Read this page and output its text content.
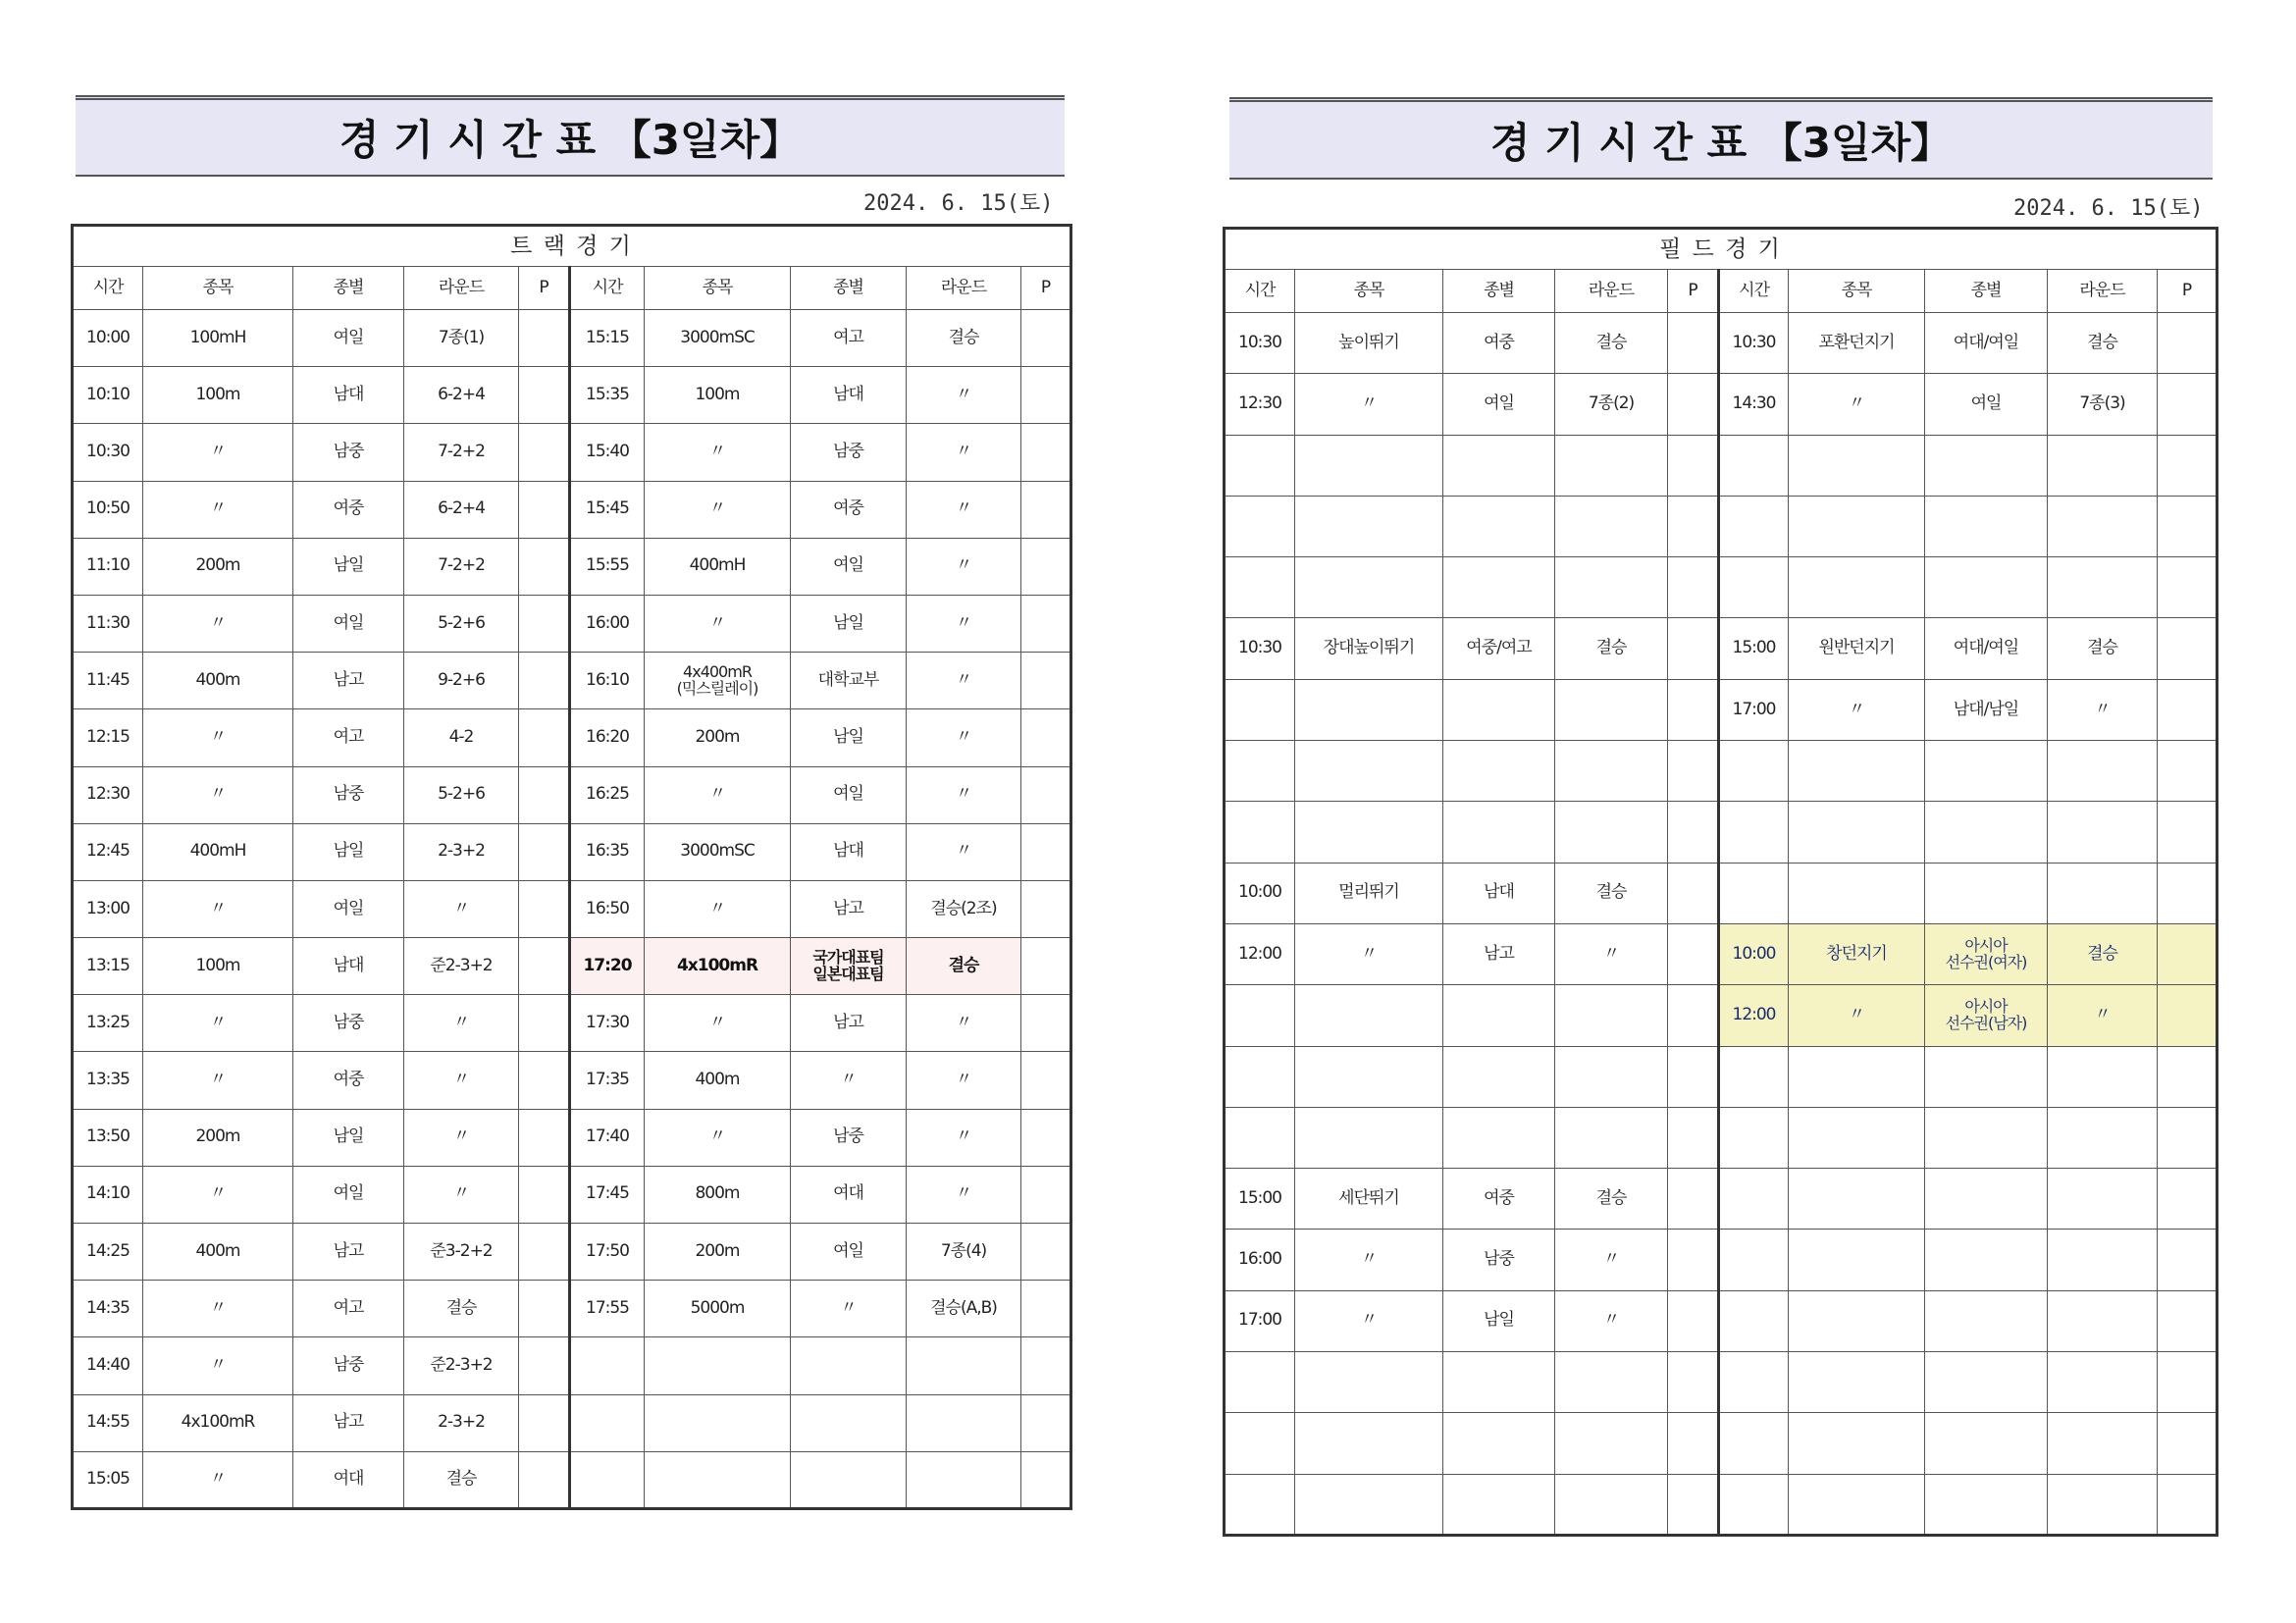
경 기 시 간 표 【3일차】
2024. 6. 15(토)
트 랙 경 기									
시간	종목	종별	라운드	P	시간	종목	종별	라운드	P
10:00	100mH	여일	7종(1)		15:15	3000mSC	여고	결승	
10:10	100m	남대	6-2+4		15:35	100m	남대	〃	
10:30	〃	남중	7-2+2		15:40	〃	남중	〃	
10:50	〃	여중	6-2+4		15:45	〃	여중	〃	
11:10	200m	남일	7-2+2		15:55	400mH	여일	〃	
11:30	〃	여일	5-2+6		16:00	〃	남일	〃	
11:45	400m	남고	9-2+6		16:10	4x400mR
(믹스릴레이)	대학교부	〃	
12:15	〃	여고	4-2		16:20	200m	남일	〃	
12:30	〃	남중	5-2+6		16:25	〃	여일	〃	
12:45	400mH	남일	2-3+2		16:35	3000mSC	남대	〃	
13:00	〃	여일	〃		16:50	〃	남고	결승(2조)	
13:15	100m	남대	준2-3+2		17:20	4x100mR	국가대표팀
일본대표팀	결승	
13:25	〃	남중	〃		17:30	〃	남고	〃	
13:35	〃	여중	〃		17:35	400m	〃	〃	
13:50	200m	남일	〃		17:40	〃	남중	〃	
14:10	〃	여일	〃		17:45	800m	여대	〃	
14:25	400m	남고	준3-2+2		17:50	200m	여일	7종(4)	
14:35	〃	여고	결승		17:55	5000m	〃	결승(A,B)	
14:40	〃	남중	준2-3+2						
14:55	4x100mR	남고	2-3+2						
15:05	〃	여대	결승						
경 기 시 간 표 【3일차】
2024. 6. 15(토)
필 드 경 기									
시간	종목	종별	라운드	P	시간	종목	종별	라운드	P
10:30	높이뛰기	여중	결승		10:30	포환던지기	여대/여일	결승	
12:30	〃	여일	7종(2)		14:30	〃	여일	7종(3)	

10:30	장대높이뛰기	여중/여고	결승		15:00	원반던지기	여대/여일	결승	
					17:00	〃	남대/남일	〃	

10:00	멀리뛰기	남대	결승						
12:00	〃	남고	〃		10:00	창던지기	아시아
선수권(여자)	결승	
					12:00	〃	아시아
선수권(남자)	〃	

15:00	세단뛰기	여중	결승						
16:00	〃	남중	〃						
17:00	〃	남일	〃						
